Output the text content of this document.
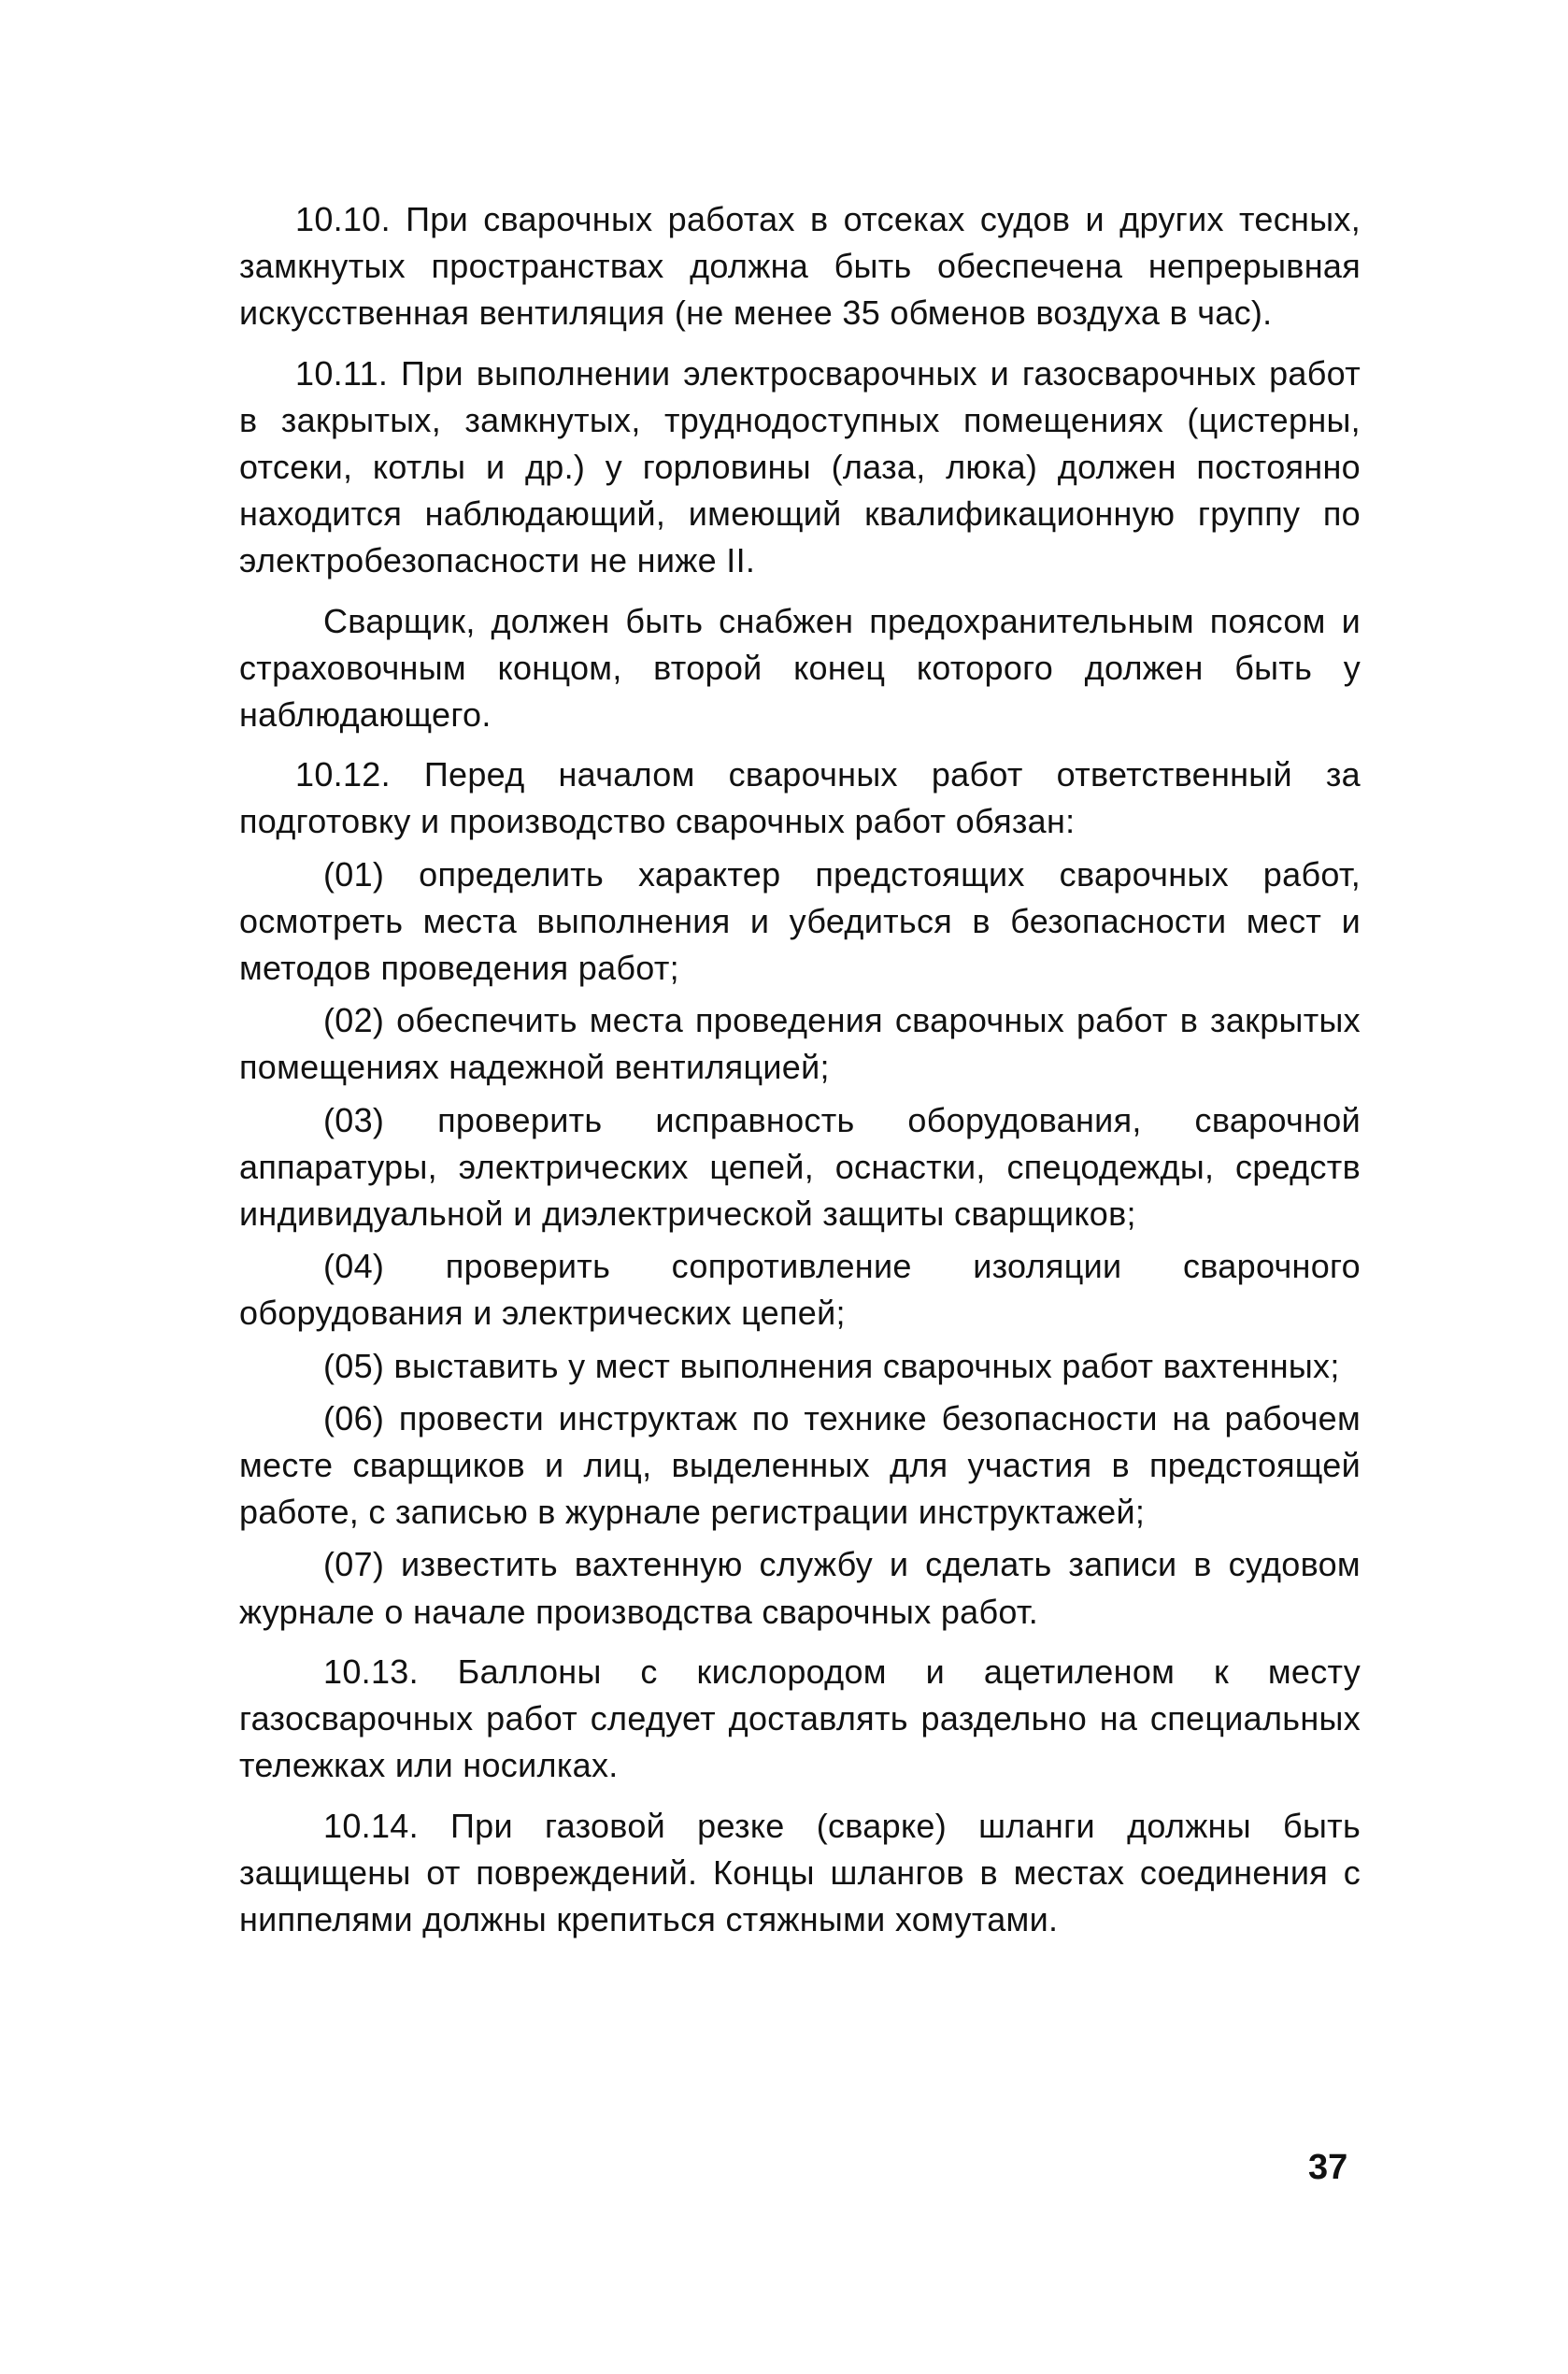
10.10. При сварочных работах в отсеках судов и других тесных, замкнутых пространствах должна быть обеспечена непрерывная искусственная вентиляция (не менее 35 обменов воздуха в час).

10.11. При выполнении электросварочных и газосварочных работ в закрытых, замкнутых, труднодоступных помещениях (цистерны, отсеки, котлы и др.) у горловины (лаза, люка) должен постоянно находится наблюдающий, имеющий квалификационную группу по электробезопасности не ниже II.

Сварщик, должен быть снабжен предохранительным поясом и страховочным концом, второй конец которого должен быть у наблюдающего.

10.12. Перед началом сварочных работ ответственный за подготовку и производство сварочных работ обязан:

(01) определить характер предстоящих сварочных работ, осмотреть места выполнения и убедиться в безопасности мест и методов проведения работ;

(02) обеспечить места проведения сварочных работ в закрытых помещениях надежной вентиляцией;

(03) проверить исправность оборудования, сварочной аппаратуры, электрических цепей, оснастки, спецодежды, средств индивидуальной и диэлектрической защиты сварщиков;

(04) проверить сопротивление изоляции сварочного оборудования и электрических цепей;

(05) выставить у мест выполнения сварочных работ вахтенных;

(06) провести инструктаж по технике безопасности на рабочем месте сварщиков и лиц, выделенных для участия в предстоящей работе, с записью в журнале регистрации инструктажей;

(07) известить вахтенную службу и сделать записи в судовом журнале о начале производства сварочных работ.

10.13. Баллоны с кислородом и ацетиленом к месту газосварочных работ следует доставлять раздельно на специальных тележках или носилках.

10.14. При газовой резке (сварке) шланги должны быть защищены от повреждений. Концы шлангов в местах соединения с ниппелями должны крепиться стяжными хомутами.

37
